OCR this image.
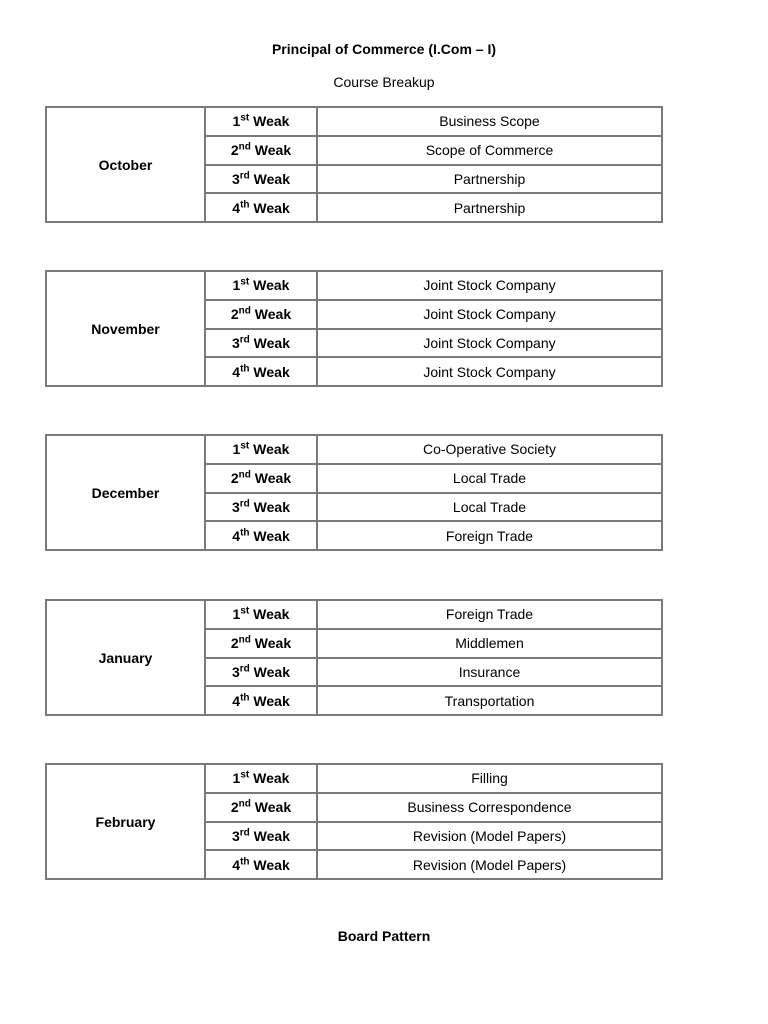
Principal of Commerce (I.Com – I)
Course Breakup
October	1st Weak	Business Scope
	2nd Weak	Scope of Commerce
	3rd Weak	Partnership
	4th Weak	Partnership
November	1st Weak	Joint Stock Company
	2nd Weak	Joint Stock Company
	3rd Weak	Joint Stock Company
	4th Weak	Joint Stock Company
December	1st Weak	Co-Operative Society
	2nd Weak	Local Trade
	3rd Weak	Local Trade
	4th Weak	Foreign Trade
January	1st Weak	Foreign Trade
	2nd Weak	Middlemen
	3rd Weak	Insurance
	4th Weak	Transportation
February	1st Weak	Filling
	2nd Weak	Business Correspondence
	3rd Weak	Revision (Model Papers)
	4th Weak	Revision (Model Papers)
Board Pattern
